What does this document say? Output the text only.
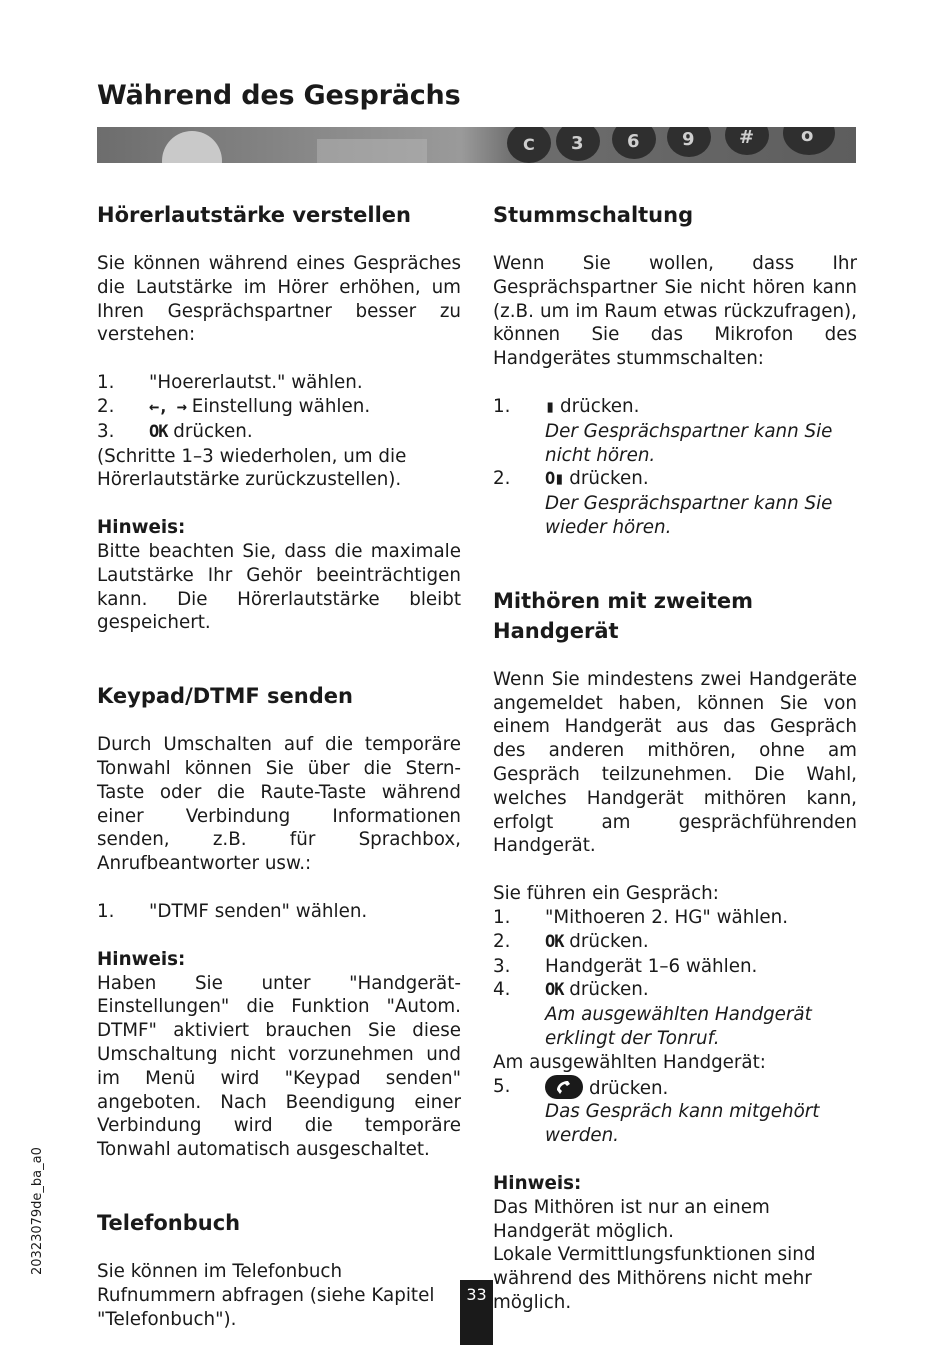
Während des Gesprächs
C 3 6 9 #	o
Hörerlautstärke verstellen

Sie können während eines Gespräches die Lautstärke im Hörer erhöhen, um Ihren Gesprächspartner besser zu verstehen:

1.	"Hoererlautst." wählen.
2.	←, → Einstellung wählen.
3.	OK drücken.

(Schritte 1–3 wiederholen, um die Hörerlautstärke zurückzustellen).

Hinweis:

Bitte beachten Sie, dass die maximale Lautstärke Ihr Gehör beeinträchtigen kann. Die Hörerlautstärke bleibt gespeichert.

Keypad/DTMF senden

Durch Umschalten auf die temporäre Tonwahl können Sie über die Stern-Taste oder die Raute-Taste während einer Verbindung Informationen senden, z.B. für Sprachbox, Anrufbeantworter usw.:

1.	"DTMF senden" wählen.

Hinweis:

Haben Sie unter "Handgerät-Einstellungen" die Funktion "Autom. DTMF" aktiviert brauchen Sie diese Umschaltung nicht vorzunehmen und im Menü wird "Keypad senden" angeboten. Nach Beendigung einer Verbindung wird die temporäre Tonwahl automatisch ausgeschaltet.

Telefonbuch

Sie können im Telefonbuch Rufnummern abfragen (siehe Kapitel "Telefonbuch").

Stummschaltung

Wenn Sie wollen, dass Ihr Gesprächspartner Sie nicht hören kann (z.B. um im Raum etwas rückzufragen), können Sie das Mikrofon des Handgerätes stummschalten:

1.	▮ drücken.

Der Gesprächspartner kann Sie nicht hören.

2.	O▮ drücken.

Der Gesprächspartner kann Sie wieder hören.

Mithören mit zweitem Handgerät

Wenn Sie mindestens zwei Handgeräte angemeldet haben, können Sie von einem Handgerät aus das Gespräch des anderen mithören, ohne am Gespräch teilzunehmen. Die Wahl, welches Handgerät mithören kann, erfolgt am gesprächführenden Handgerät.

Sie führen ein Gespräch:

1.	"Mithoeren 2. HG" wählen.
2.	OK drücken.
3.	Handgerät 1–6 wählen.
4.	OK drücken.

Am ausgewählten Handgerät erklingt der Tonruf.

Am ausgewählten Handgerät:

5.	drücken.

Das Gespräch kann mitgehört werden.

Hinweis:

Das Mithören ist nur an einem Handgerät möglich.

Lokale Vermittlungsfunktionen sind während des Mithörens nicht mehr möglich.

20323079de_ba_a0
33
